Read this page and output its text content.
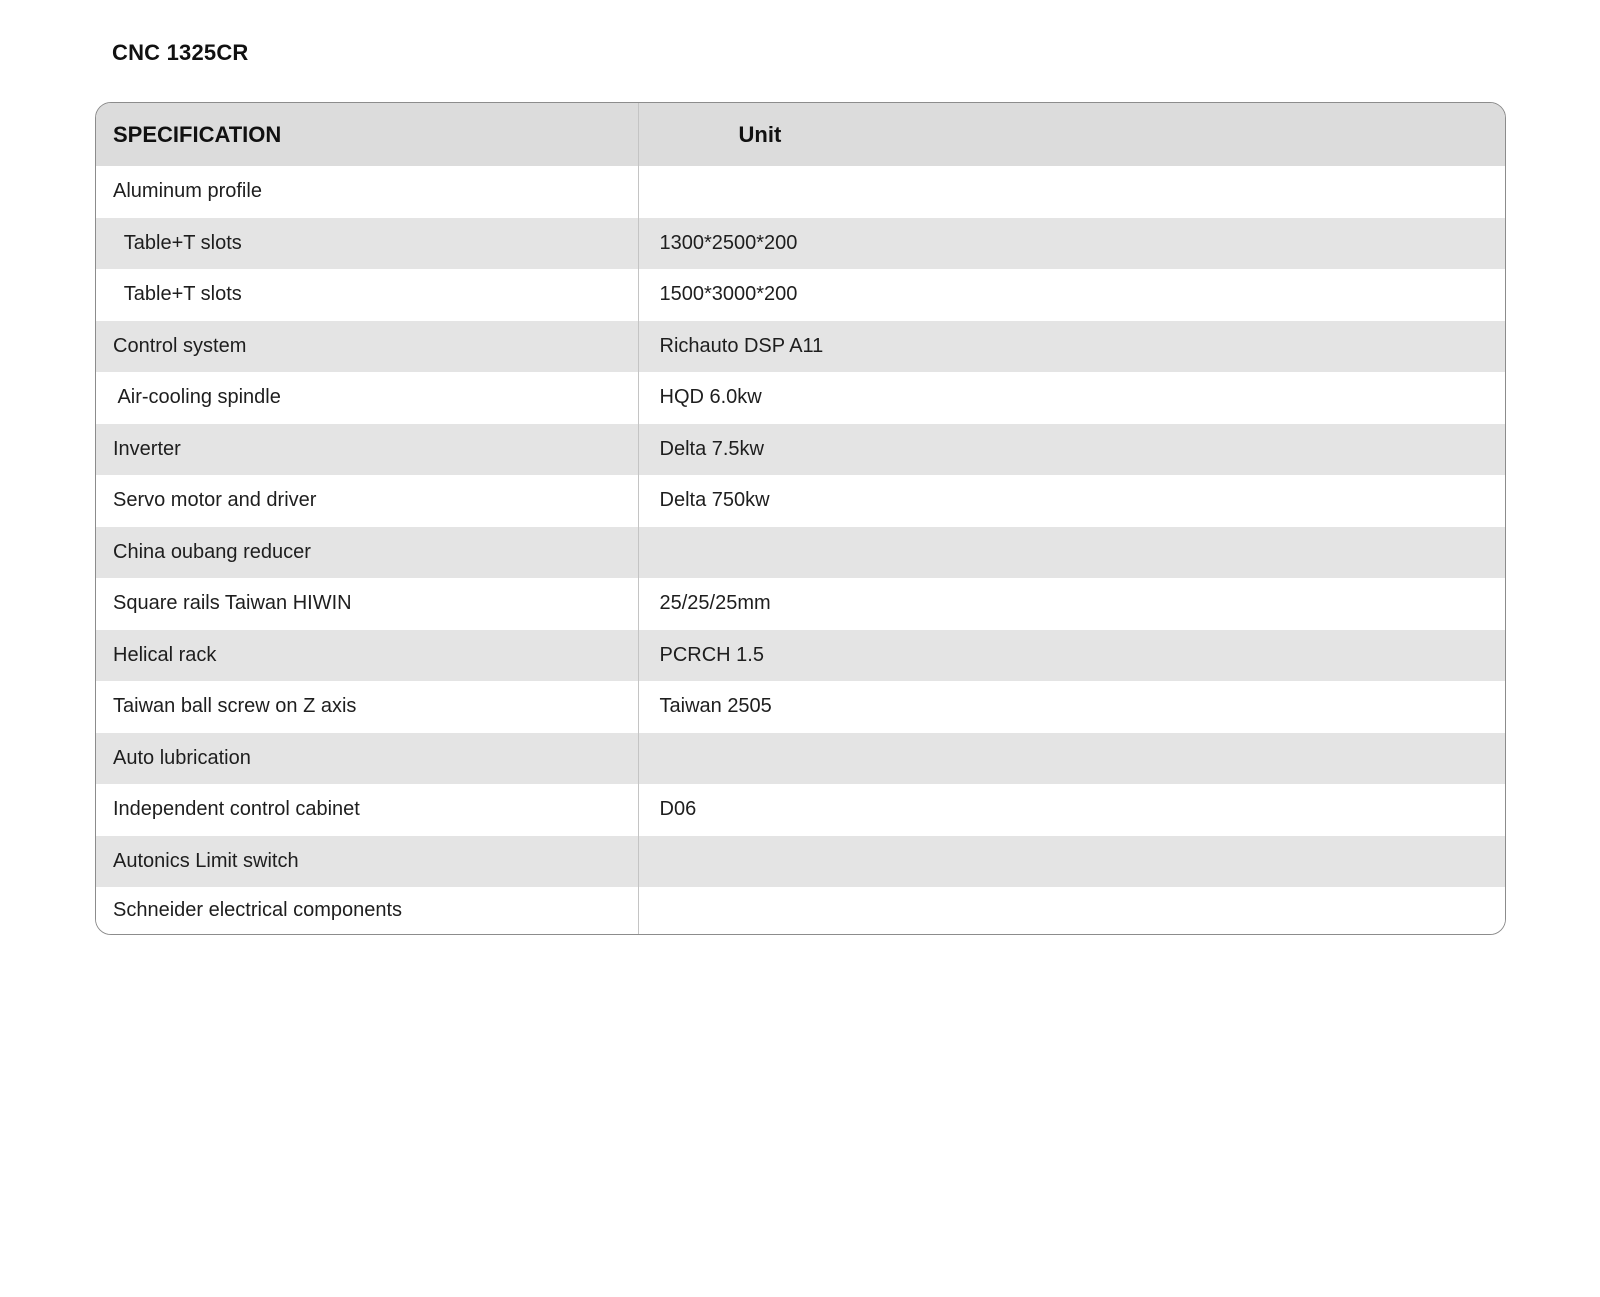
CNC 1325CR
SPECIFICATION	Unit
Aluminum profile	
Table+T slots	1300*2500*200
Table+T slots	1500*3000*200
Control system	Richauto DSP A11
Air-cooling spindle	HQD 6.0kw
Inverter	Delta 7.5kw
Servo motor and driver	Delta 750kw
China oubang reducer	
Square rails Taiwan HIWIN	25/25/25mm
Helical rack	PCRCH 1.5
Taiwan ball screw on Z axis	Taiwan 2505
Auto lubrication	
Independent control cabinet	D06
Autonics Limit switch	
Schneider electrical components	
